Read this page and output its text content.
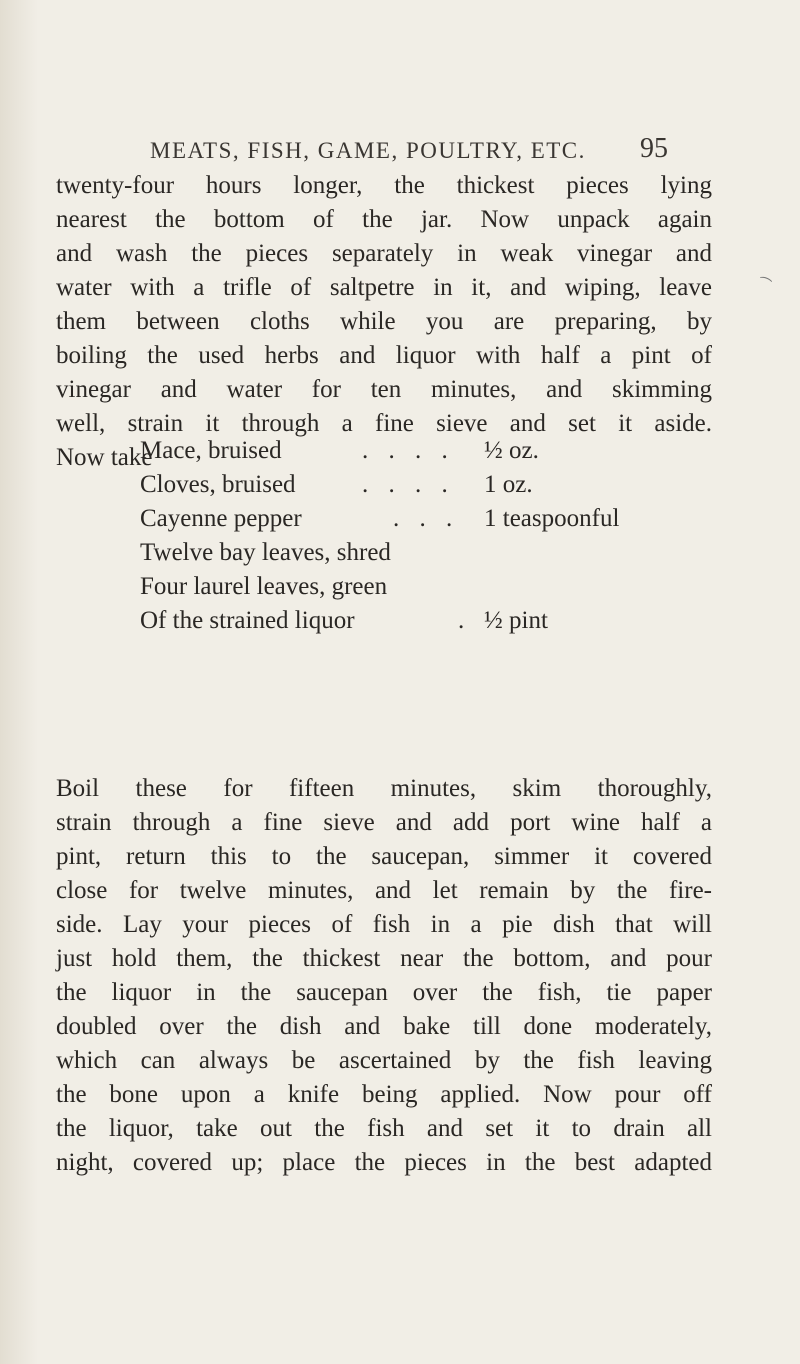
MEATS, FISH, GAME, POULTRY, ETC. 95
⁀
twenty-four hours longer, the thickest pieces lying
nearest the bottom of the jar. Now unpack again
and wash the pieces separately in weak vinegar and
water with a trifle of saltpetre in it, and wiping, leave
them between cloths while you are preparing, by
boiling the used herbs and liquor with half a pint of
vinegar and water for ten minutes, and skimming
well, strain it through a fine sieve and set it aside.
Now take
Mace, bruised	. . . . ½ oz.
Cloves, bruised	. . . . 1 oz.
Cayenne pepper	. . . 1 teaspoonful
Twelve bay leaves, shred
Four laurel leaves, green
Of the strained liquor	. ½ pint
Boil these for fifteen minutes, skim thoroughly,
strain through a fine sieve and add port wine half a
pint, return this to the saucepan, simmer it covered
close for twelve minutes, and let remain by the fire-
side. Lay your pieces of fish in a pie dish that will
just hold them, the thickest near the bottom, and pour
the liquor in the saucepan over the fish, tie paper
doubled over the dish and bake till done moderately,
which can always be ascertained by the fish leaving
the bone upon a knife being applied. Now pour off
the liquor, take out the fish and set it to drain all
night, covered up; place the pieces in the best adapted
